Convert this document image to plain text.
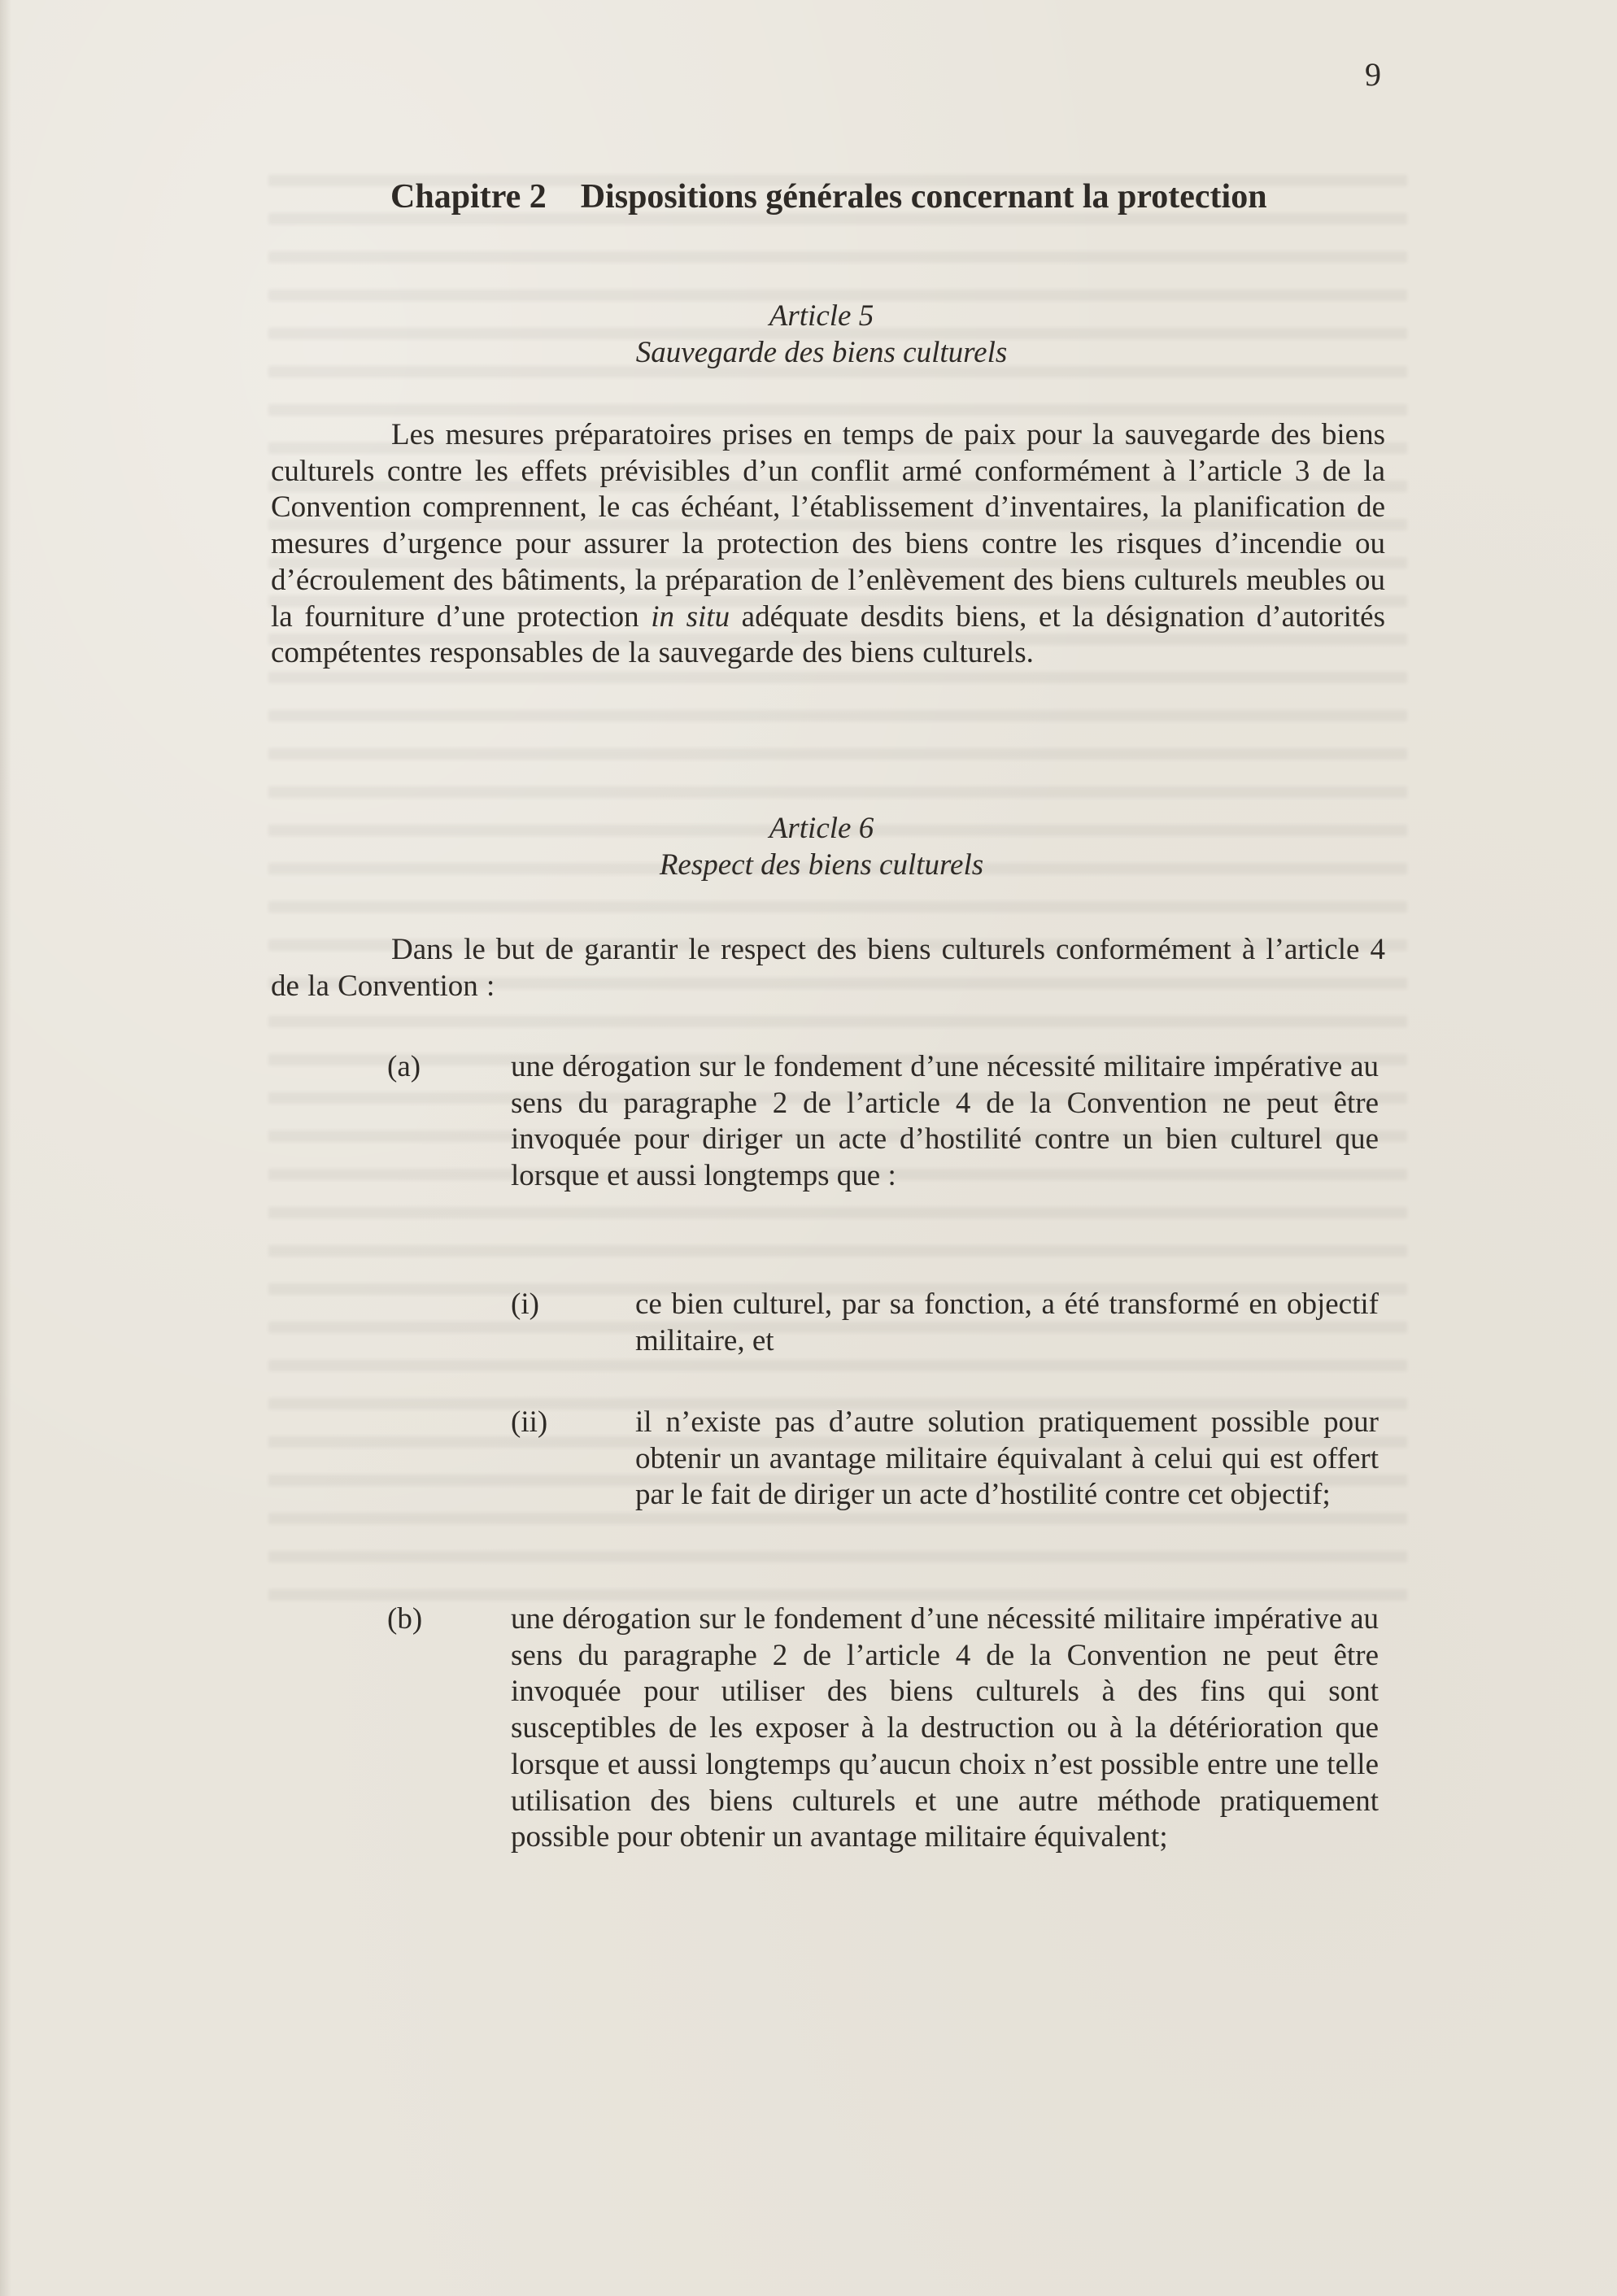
9
Chapitre 2 Dispositions générales concernant la protection
Article 5
Sauvegarde des biens culturels
Les mesures préparatoires prises en temps de paix pour la sauvegarde des biens culturels contre les effets prévisibles d’un conflit armé conformément à l’article 3 de la Convention comprennent, le cas échéant, l’établissement d’inventaires, la planification de mesures d’urgence pour assurer la protection des biens contre les risques d’incendie ou d’écroulement des bâtiments, la préparation de l’enlèvement des biens culturels meubles ou la fourniture d’une protection in situ adéquate desdits biens, et la désignation d’autorités compétentes responsables de la sauvegarde des biens culturels.
Article 6
Respect des biens culturels
Dans le but de garantir le respect des biens culturels conformément à l’article 4 de la Convention :
(a)	une dérogation sur le fondement d’une nécessité militaire impérative au sens du paragraphe 2 de l’article 4 de la Convention ne peut être invoquée pour diriger un acte d’hostilité contre un bien culturel que lorsque et aussi longtemps que :
(i)	ce bien culturel, par sa fonction, a été transformé en objectif militaire, et
(ii)	il n’existe pas d’autre solution pratiquement possible pour obtenir un avantage militaire équivalant à celui qui est offert par le fait de diriger un acte d’hostilité contre cet objectif;
(b)	une dérogation sur le fondement d’une nécessité militaire impérative au sens du paragraphe 2 de l’article 4 de la Convention ne peut être invoquée pour utiliser des biens culturels à des fins qui sont susceptibles de les exposer à la destruction ou à la détérioration que lorsque et aussi longtemps qu’aucun choix n’est possible entre une telle utilisation des biens culturels et une autre méthode pratiquement possible pour obtenir un avantage militaire équivalent;
